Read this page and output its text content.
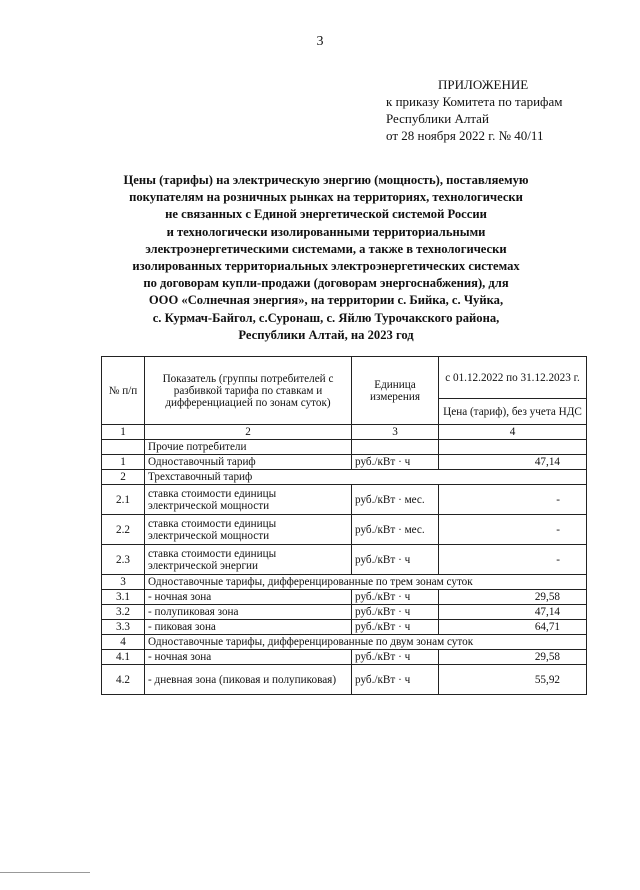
3
ПРИЛОЖЕНИЕ
к приказу Комитета по тарифам
Республики Алтай
от 28 ноября 2022 г. № 40/11
Цены (тарифы) на электрическую энергию (мощность), поставляемую
покупателям на розничных рынках на территориях, технологически
не связанных с Единой энергетической системой России
и технологически изолированными территориальными
электроэнергетическими системами, а также в технологически
изолированных территориальных электроэнергетических системах
по договорам купли-продажи (договорам энергоснабжения), для
ООО «Солнечная энергия», на территории с. Бийка, с. Чуйка,
с. Курмач-Байгол, с.Суронаш, с. Яйлю Турочакского района,
Республики Алтай, на 2023 год
№ п/п	Показатель (группы потребителей с разбивкой тарифа по ставкам и дифференциацией по зонам суток)	Единица измерения	с 01.12.2022 по 31.12.2023 г.
			Цена (тариф), без учета НДС
1	2	3	4
	Прочие потребители		
1	Одноставочный тариф	руб./кВт · ч	47,14
2	Трехставочный тариф		
2.1	ставка стоимости единицы электрической мощности	руб./кВт · мес.	-
2.2	ставка стоимости единицы электрической мощности	руб./кВт · мес.	-
2.3	ставка стоимости единицы электрической энергии	руб./кВт · ч	-
3	Одноставочные тарифы, дифференцированные по трем зонам суток		
3.1	- ночная зона	руб./кВт · ч	29,58
3.2	- полупиковая зона	руб./кВт · ч	47,14
3.3	- пиковая зона	руб./кВт · ч	64,71
4	Одноставочные тарифы, дифференцированные по двум зонам суток		
4.1	- ночная зона	руб./кВт · ч	29,58
4.2	- дневная зона (пиковая и полупиковая)	руб./кВт · ч	55,92
